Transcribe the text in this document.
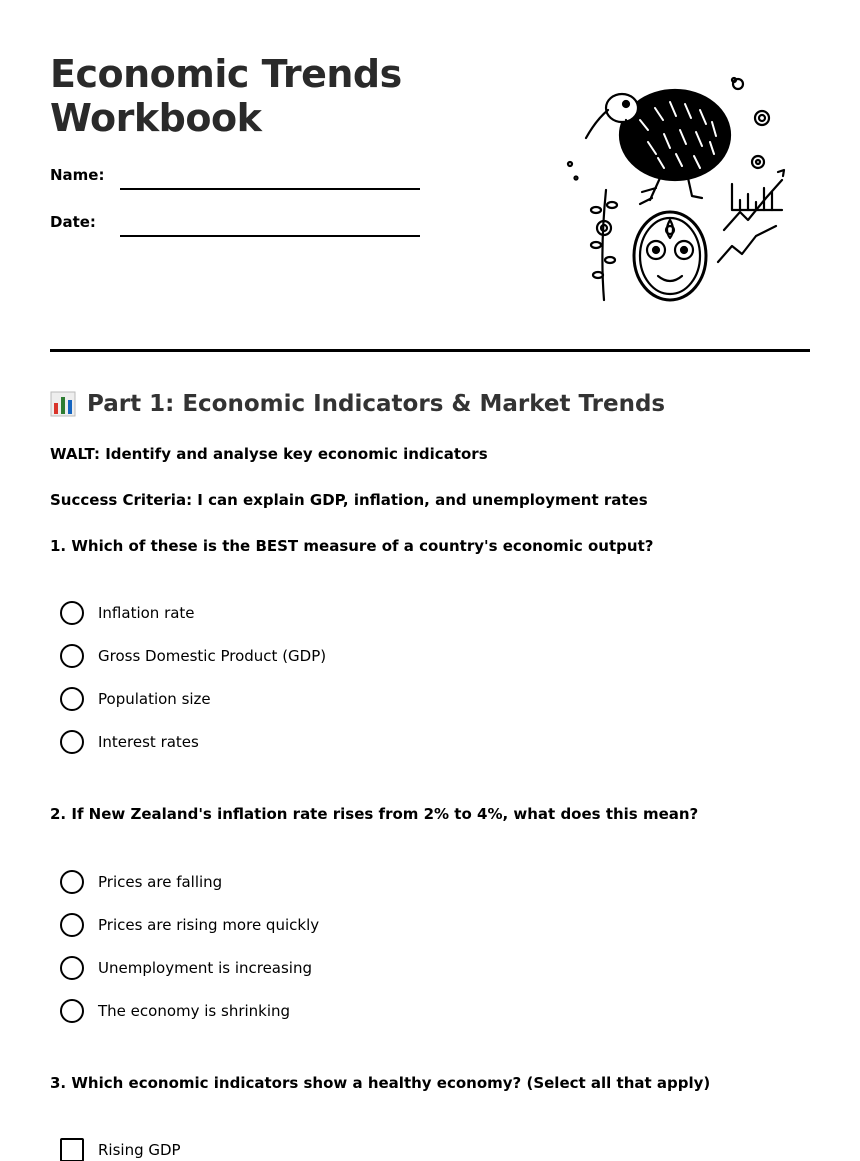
Economic Trends Workbook
Name:
Date:
Part 1: Economic Indicators & Market Trends

WALT: Identify and analyse key economic indicators

Success Criteria: I can explain GDP, inflation, and unemployment rates

1. Which of these is the BEST measure of a country's economic output?

Inflation rate
Gross Domestic Product (GDP)
Population size
Interest rates

2. If New Zealand's inflation rate rises from 2% to 4%, what does this mean?

Prices are falling
Prices are rising more quickly
Unemployment is increasing
The economy is shrinking

3. Which economic indicators show a healthy economy? (Select all that apply)

Rising GDP
